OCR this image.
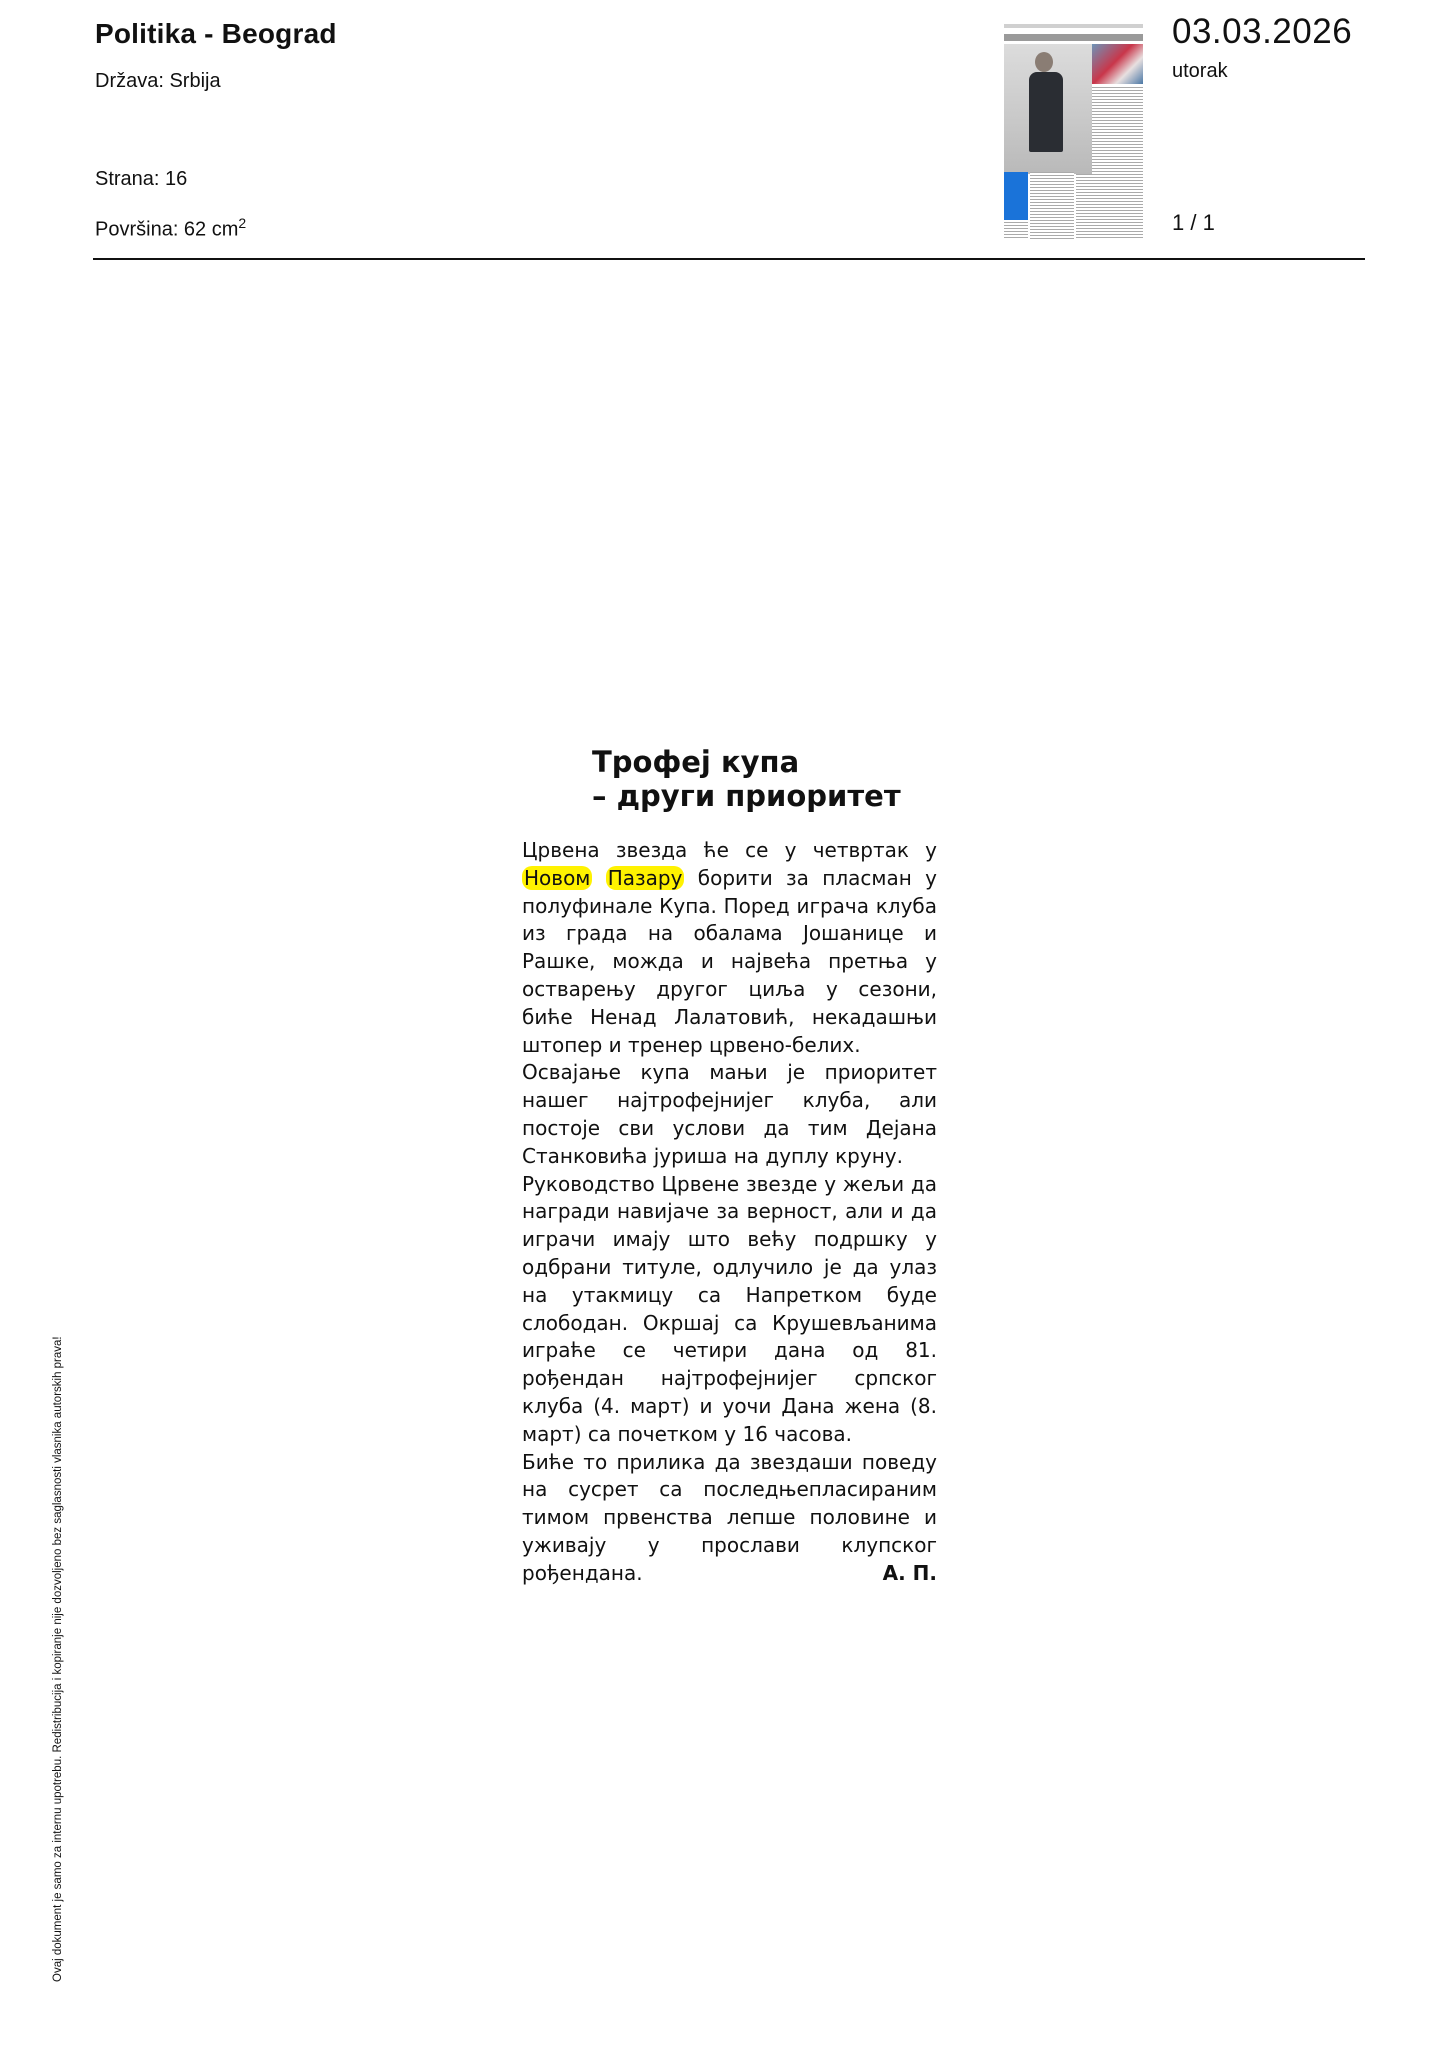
Politika - Beograd
Država: Srbija
Strana: 16
Površina: 62 $cm^2$
03.03.2026
utorak
1 / 1
Ovaj dokument je samo za internu upotrebu. Redistribucija i kopiranje nije dozvoljeno bez saglasnosti vlasnika autorskih prava!
Трофеј купа
– други приоритет

Црвена звезда ће се у четвртак у Новом Пазару борити за пласман у полуфинале Купа. Поред играча клуба из града на обалама Јошанице и Рашке, можда и највећа претња у остварењу другог циља у сезони, биће Ненад Лалатовић, некадашњи штопер и тренер црвено-белих.

Освајање купа мањи је приоритет нашег најтрофејнијег клуба, али постоје сви услови да тим Дејана Станковића јуриша на дуплу круну.

Руководство Црвене звезде у жељи да награди навијаче за верност, али и да играчи имају што већу подршку у одбрани титуле, одлучило је да улаз на утакмицу са Напретком буде слободан. Окршај са Крушевљанима играће се четири дана од 81. рођендан најтрофејнијег српског клуба (4. март) и уочи Дана жена (8. март) са почетком у 16 часова.

Биће то прилика да звездаши поведу на сусрет са последњепласираним тимом првенства лепше половине и уживају у прослави клупског рођендана.	А. П.
